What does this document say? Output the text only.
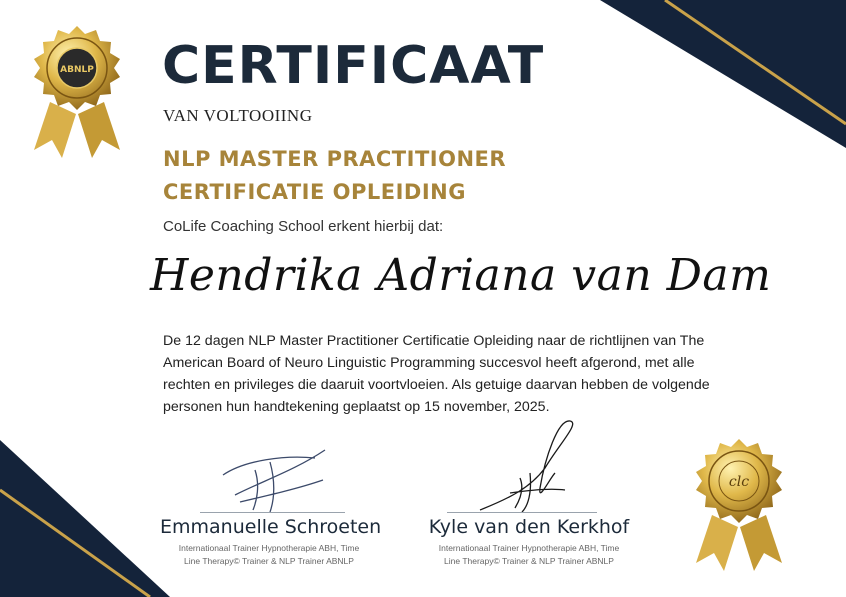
ABNLP CERTIFICAAT
VAN VOLTOOIING
NLP MASTER PRACTITIONER
CERTIFICATIE OPLEIDING
CoLife Coaching School erkent hierbij dat:
Hendrika Adriana van Dam
De 12 dagen NLP Master Practitioner Certificatie Opleiding naar de richtlijnen van The American Board of Neuro Linguistic Programming succesvol heeft afgerond, met alle rechten en privileges die daaruit voortvloeien. Als getuige daarvan hebben de volgende personen hun handtekening geplaatst op 15 november, 2025.
Emmanuelle Schroeten
Internationaal Trainer Hypnotherapie ABH, Time
Line Therapy© Trainer & NLP Trainer ABNLP
Kyle van den Kerkhof
Internationaal Trainer Hypnotherapie ABH, Time
Line Therapy© Trainer & NLP Trainer ABNLP
clc
